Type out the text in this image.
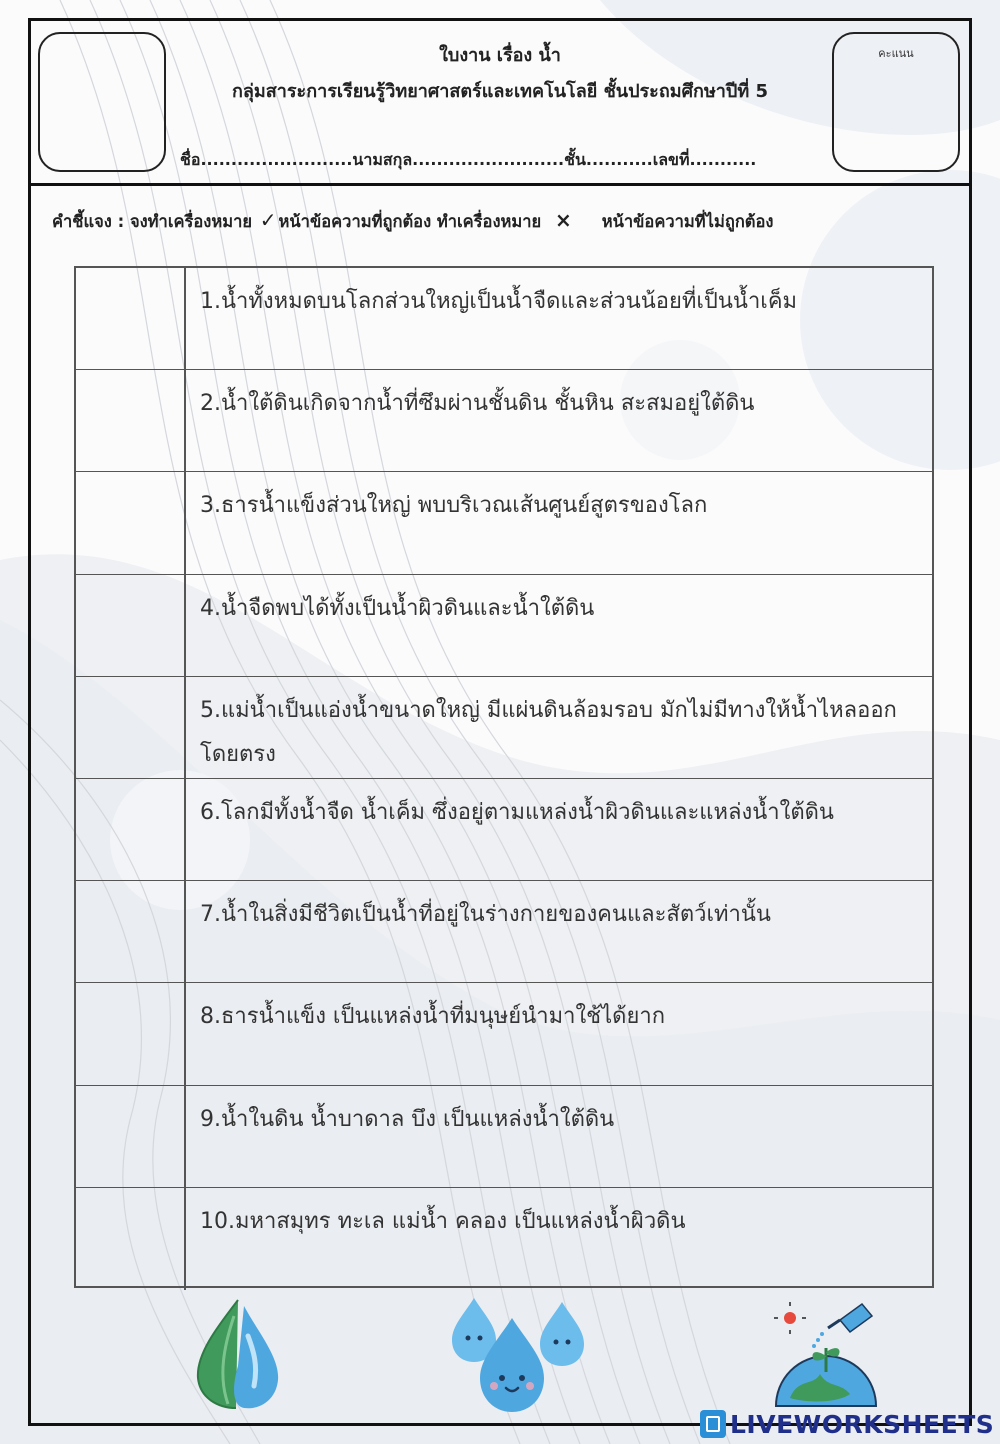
คะแนน
ใบงาน เรื่อง น้ำ
กลุ่มสาระการเรียนรู้วิทยาศาสตร์และเทคโนโลยี ชั้นประถมศึกษาปีที่ 5
ชื่อ.........................นามสกุล.........................ชั้น...........เลขที่...........
คำชี้แจง : จงทำเครื่องหมาย ✓ หน้าข้อความที่ถูกต้อง ทำเครื่องหมาย × หน้าข้อความที่ไม่ถูกต้อง
1.น้ำทั้งหมดบนโลกส่วนใหญ่เป็นน้ำจืดและส่วนน้อยที่เป็นน้ำเค็ม
2.น้ำใต้ดินเกิดจากน้ำที่ซึมผ่านชั้นดิน ชั้นหิน สะสมอยู่ใต้ดิน
3.ธารน้ำแข็งส่วนใหญ่ พบบริเวณเส้นศูนย์สูตรของโลก
4.น้ำจืดพบได้ทั้งเป็นน้ำผิวดินและน้ำใต้ดิน
5.แม่น้ำเป็นแอ่งน้ำขนาดใหญ่ มีแผ่นดินล้อมรอบ มักไม่มีทางให้น้ำไหลออกโดยตรง
6.โลกมีทั้งน้ำจืด น้ำเค็ม ซึ่งอยู่ตามแหล่งน้ำผิวดินและแหล่งน้ำใต้ดิน
7.น้ำในสิ่งมีชีวิตเป็นน้ำที่อยู่ในร่างกายของคนและสัตว์เท่านั้น
8.ธารน้ำแข็ง เป็นแหล่งน้ำที่มนุษย์นำมาใช้ได้ยาก
9.น้ำในดิน น้ำบาดาล บึง เป็นแหล่งน้ำใต้ดิน
10.มหาสมุทร ทะเล แม่น้ำ คลอง เป็นแหล่งน้ำผิวดิน
LIVEWORKSHEETS
